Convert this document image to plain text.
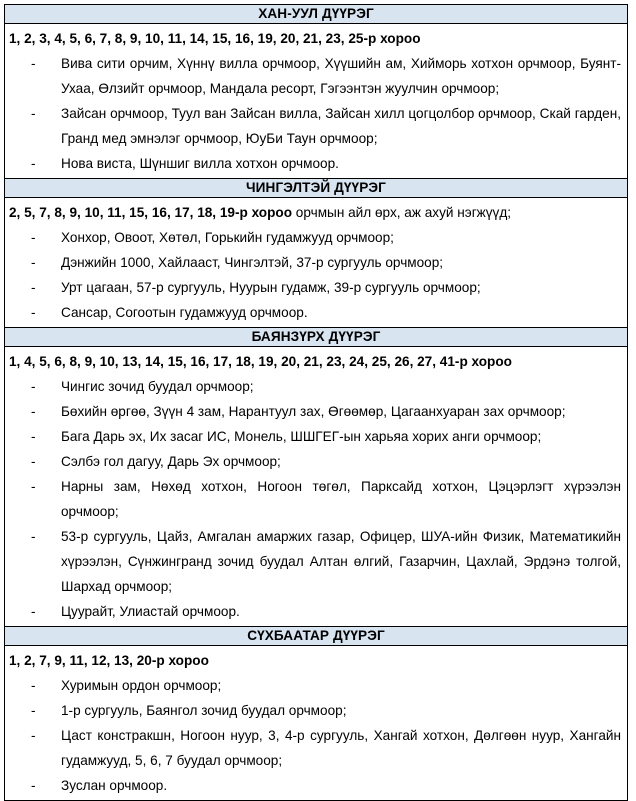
ХАН-УУЛ ДҮҮРЭГ

1, 2, 3, 4, 5, 6, 7, 8, 9, 10, 11, 14, 15, 16, 19, 20, 21, 23, 25-р хороо
- Вива сити орчим, Хүннү вилла орчмоор, Хүүшийн ам, Хийморь хотхон орчмоор, Буянт-Ухаа, Өлзийт орчмоор, Мандала ресорт, Гэгээнтэн жуулчин орчмоор;
- Зайсан орчмоор, Туул ван Зайсан вилла, Зайсан хилл цогцолбор орчмоор, Скай гарден, Гранд мед эмнэлэг орчмоор, ЮуБи Таун орчмоор;
- Нова виста, Шүншиг вилла хотхон орчмоор.

ЧИНГЭЛТЭЙ ДҮҮРЭГ

2, 5, 7, 8, 9, 10, 11, 15, 16, 17, 18, 19-р хороо орчмын айл өрх, аж ахуй нэгжүүд;
- Хонхор, Овоот, Хөтөл, Горькийн гудамжууд орчмоор;
- Дэнжийн 1000, Хайлааст, Чингэлтэй, 37-р сургууль орчмоор;
- Урт цагаан, 57-р сургууль, Нуурын гудамж, 39-р сургууль орчмоор;
- Сансар, Согоотын гудамжууд орчмоор.

БАЯНЗҮРХ ДҮҮРЭГ

1, 4, 5, 6, 8, 9, 10, 13, 14, 15, 16, 17, 18, 19, 20, 21, 23, 24, 25, 26, 27, 41-р хороо
- Чингис зочид буудал орчмоор;
- Бөхийн өргөө, Зүүн 4 зам, Нарантуул зах, Өгөөмөр, Цагаанхуаран зах орчмоор;
- Бага Дарь эх, Их засаг ИС, Монель, ШШГЕГ-ын харьяа хорих анги орчмоор;
- Сэлбэ гол дагуу, Дарь Эх орчмоор;
- Нарны зам, Нөхөд хотхон, Ногоон төгөл, Парксайд хотхон, Цэцэрлэгт хүрээлэн орчмоор;
- 53-р сургууль, Цайз, Амгалан амаржих газар, Офицер, ШУА-ийн Физик, Математикийн хүрээлэн, Сүнжингранд зочид буудал Алтан өлгий, Газарчин, Цахлай, Эрдэнэ толгой, Шархад орчмоор;
- Цуурайт, Улиастай орчмоор.

СҮХБААТАР ДҮҮРЭГ

1, 2, 7, 9, 11, 12, 13, 20-р хороо
- Хуримын ордон орчмоор;
- 1-р сургууль, Баянгол зочид буудал орчмоор;
- Цаст констракшн, Ногоон нуур, 3, 4-р сургууль, Хангай хотхон, Дөлгөөн нуур, Хангайн гудамжууд, 5, 6, 7 буудал орчмоор;
- Зуслан орчмоор.
